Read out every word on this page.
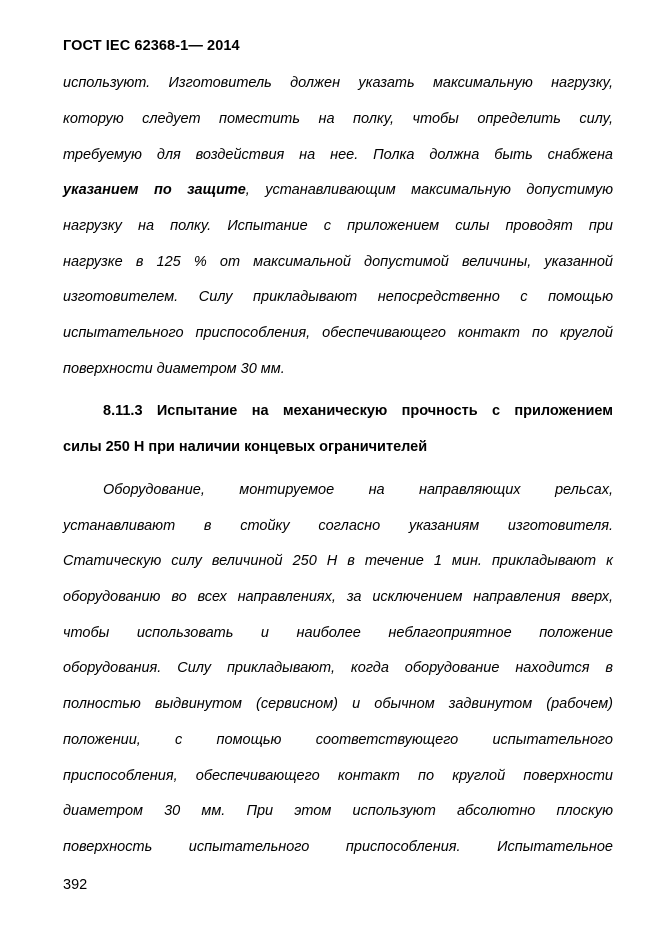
ГОСТ IEC 62368-1— 2014
используют. Изготовитель должен указать максимальную нагрузку,
которую следует поместить на полку, чтобы определить силу,
требуемую для воздействия на нее. Полка должна быть снабжена
указанием по защите, устанавливающим максимальную допустимую
нагрузку на полку. Испытание с приложением силы проводят при
нагрузке в 125 % от максимальной допустимой величины, указанной
изготовителем. Силу прикладывают непосредственно с помощью
испытательного приспособления, обеспечивающего контакт по круглой
поверхности диаметром 30 мм.
8.11.3 Испытание на механическую прочность с приложением
силы 250 Н при наличии концевых ограничителей
Оборудование, монтируемое на направляющих рельсах,
устанавливают в стойку согласно указаниям изготовителя.
Статическую силу величиной 250 Н в течение 1 мин. прикладывают к
оборудованию во всех направлениях, за исключением направления вверх,
чтобы использовать и наиболее неблагоприятное положение
оборудования. Силу прикладывают, когда оборудование находится в
полностью выдвинутом (сервисном) и обычном задвинутом (рабочем)
положении, с помощью соответствующего испытательного
приспособления, обеспечивающего контакт по круглой поверхности
диаметром 30 мм. При этом используют абсолютно плоскую
поверхность испытательного приспособления. Испытательное
392
